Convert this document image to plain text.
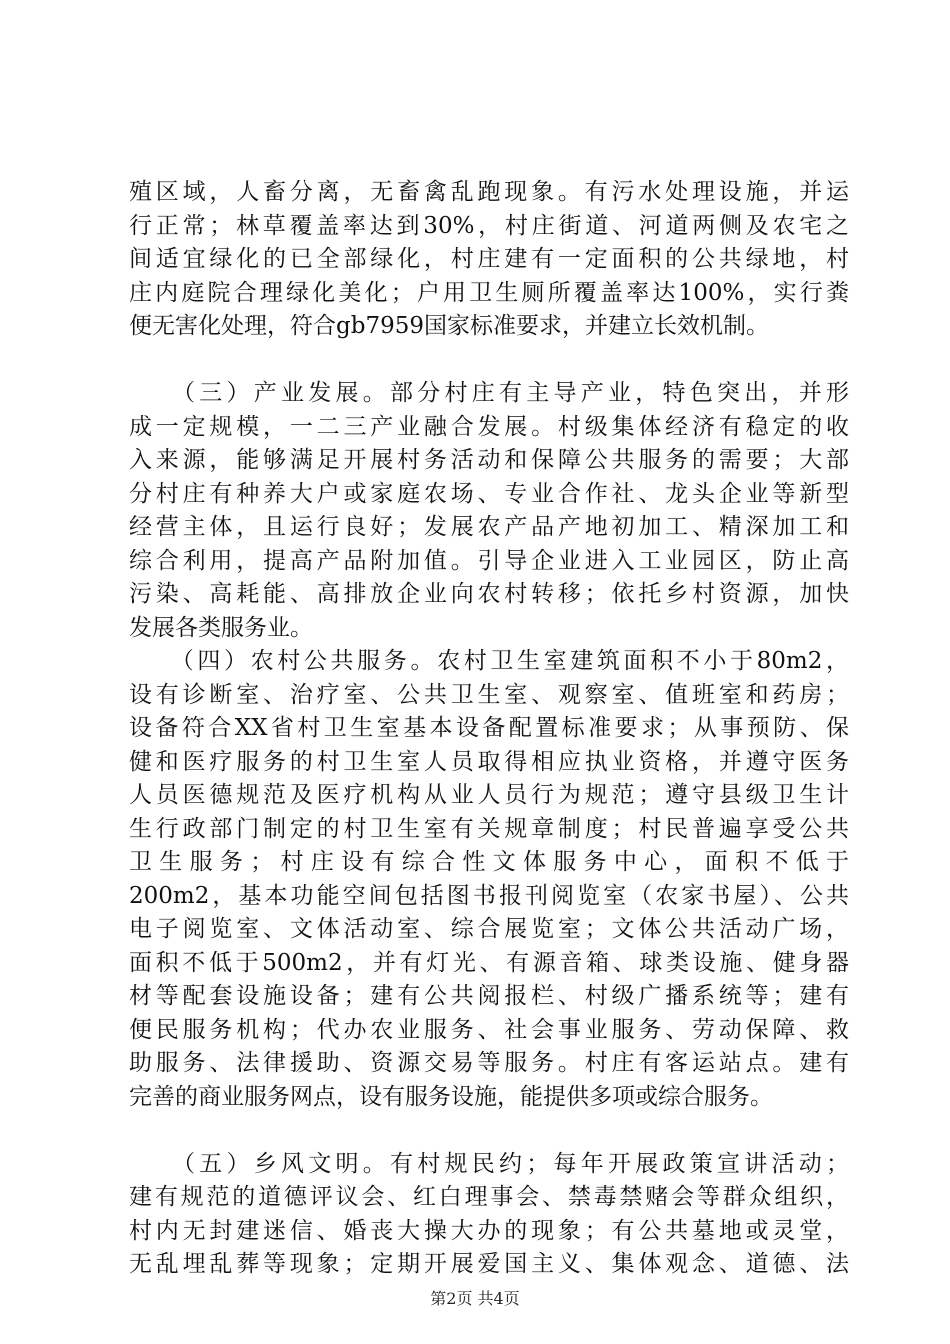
殖区域，人畜分离，无畜禽乱跑现象。有污水处理设施，并运
行正常；林草覆盖率达到30%，村庄街道、河道两侧及农宅之
间适宜绿化的已全部绿化，村庄建有一定面积的公共绿地，村
庄内庭院合理绿化美化；户用卫生厕所覆盖率达100%，实行粪
便无害化处理，符合gb7959国家标准要求，并建立长效机制。
　　（三）产业发展。部分村庄有主导产业，特色突出，并形
成一定规模，一二三产业融合发展。村级集体经济有稳定的收
入来源，能够满足开展村务活动和保障公共服务的需要；大部
分村庄有种养大户或家庭农场、专业合作社、龙头企业等新型
经营主体，且运行良好；发展农产品产地初加工、精深加工和
综合利用，提高产品附加值。引导企业进入工业园区，防止高
污染、高耗能、高排放企业向农村转移；依托乡村资源，加快
发展各类服务业。
　　（四）农村公共服务。农村卫生室建筑面积不小于80m2，
设有诊断室、治疗室、公共卫生室、观察室、值班室和药房；
设备符合XX省村卫生室基本设备配置标准要求；从事预防、保
健和医疗服务的村卫生室人员取得相应执业资格，并遵守医务
人员医德规范及医疗机构从业人员行为规范；遵守县级卫生计
生行政部门制定的村卫生室有关规章制度；村民普遍享受公共
卫生服务；村庄设有综合性文体服务中心，面积不低于
200m2，基本功能空间包括图书报刊阅览室（农家书屋）、公共
电子阅览室、文体活动室、综合展览室；文体公共活动广场，
面积不低于500m2，并有灯光、有源音箱、球类设施、健身器
材等配套设施设备；建有公共阅报栏、村级广播系统等；建有
便民服务机构；代办农业服务、社会事业服务、劳动保障、救
助服务、法律援助、资源交易等服务。村庄有客运站点。建有
完善的商业服务网点，设有服务设施，能提供多项或综合服务。
　　（五）乡风文明。有村规民约；每年开展政策宣讲活动；
建有规范的道德评议会、红白理事会、禁毒禁赌会等群众组织，
村内无封建迷信、婚丧大操大办的现象；有公共墓地或灵堂，
无乱埋乱葬等现象；定期开展爱国主义、集体观念、道德、法
第2页 共4页
